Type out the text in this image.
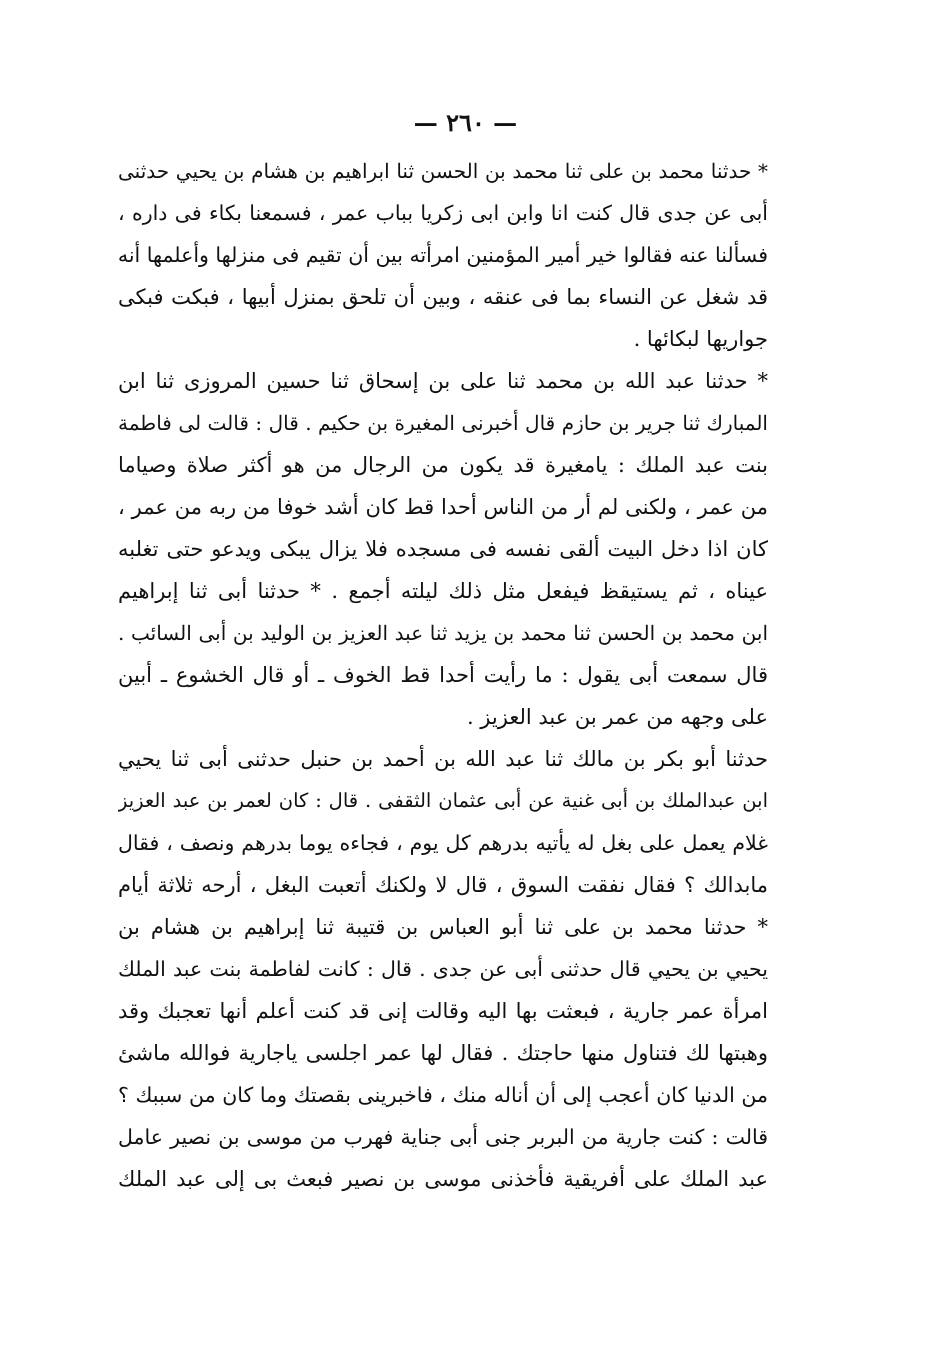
— ٢٦٠ —
* حدثنا محمد بن على ثنا محمد بن الحسن ثنا ابراهيم بن هشام بن يحيي حدثنى
أبى عن جدى قال كنت انا وابن ابى زكريا بباب عمر ، فسمعنا بكاء فى داره ،
فسألنا عنه فقالوا خير أمير المؤمنين امرأته بين أن تقيم فى منزلها وأعلمها أنه
قد شغل عن النساء بما فى عنقه ، وبين أن تلحق بمنزل أبيها ، فبكت فبكى
جواريها لبكائها .
* حدثنا عبد الله بن محمد ثنا على بن إسحاق ثنا حسين المروزى ثنا ابن
المبارك ثنا جرير بن حازم قال أخبرنى المغيرة بن حكيم . قال : قالت لى فاطمة
بنت عبد الملك : يامغيرة قد يكون من الرجال من هو أكثر صلاة وصياما
من عمر ، ولكنى لم أر من الناس أحدا قط كان أشد خوفا من ربه من عمر ،
كان اذا دخل البيت ألقى نفسه فى مسجده فلا يزال يبكى ويدعو حتى تغلبه
عيناه ، ثم يستيقظ فيفعل مثل ذلك ليلته أجمع . * حدثنا أبى ثنا إبراهيم
ابن محمد بن الحسن ثنا محمد بن يزيد ثنا عبد العزيز بن الوليد بن أبى السائب .
قال سمعت أبى يقول : ما رأيت أحدا قط الخوف ـ أو قال الخشوع ـ أبين
على وجهه من عمر بن عبد العزيز .
حدثنا أبو بكر بن مالك ثنا عبد الله بن أحمد بن حنبل حدثنى أبى ثنا يحيي
ابن عبدالملك بن أبى غنية عن أبى عثمان الثقفى . قال : كان لعمر بن عبد العزيز
غلام يعمل على بغل له يأتيه بدرهم كل يوم ، فجاءه يوما بدرهم ونصف ، فقال
مابدالك ؟ فقال نفقت السوق ، قال لا ولكنك أتعبت البغل ، أرحه ثلاثة أيام
* حدثنا محمد بن على ثنا أبو العباس بن قتيبة ثنا إبراهيم بن هشام بن
يحيي بن يحيي قال حدثنى أبى عن جدى . قال : كانت لفاطمة بنت عبد الملك
امرأة عمر جارية ، فبعثت بها اليه وقالت إنى قد كنت أعلم أنها تعجبك وقد
وهبتها لك فتناول منها حاجتك . فقال لها عمر اجلسى ياجارية فوالله ماشئ
من الدنيا كان أعجب إلى أن أناله منك ، فاخبرينى بقصتك وما كان من سببك ؟
قالت : كنت جارية من البربر جنى أبى جناية فهرب من موسى بن نصير عامل
عبد الملك على أفريقية فأخذنى موسى بن نصير فبعث بى إلى عبد الملك
